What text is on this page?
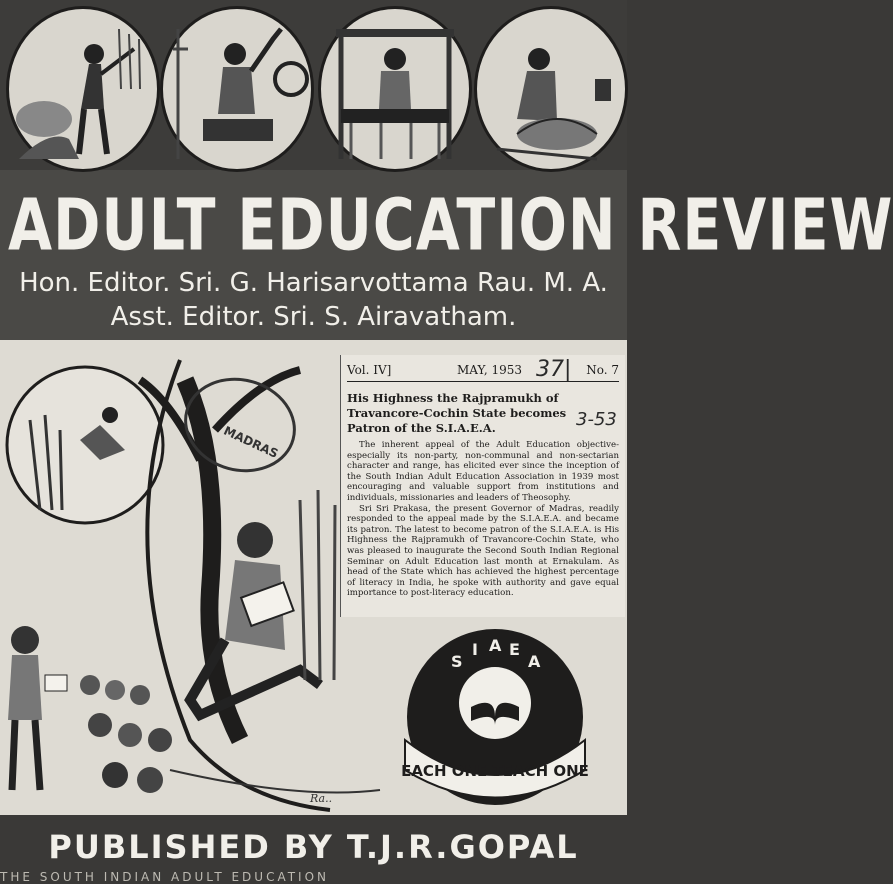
ADULT EDUCATION REVIEW
Hon. Editor. Sri. G. Harisarvottama Rau. M. A.
Asst. Editor. Sri. S. Airavatham.
MADRAS
Ra..
Vol. IV]	MAY, 1953	No. 7
37|
3-53
His Highness the Rajpramukh of Travancore-Cochin State becomes Patron of the S.I.A.E.A.

The inherent appeal of the Adult Education objective-especially its non-party, non-communal and non-sectarian character and range, has elicited ever since the inception of the South Indian Adult Education Association in 1939 most encouraging and valuable support from institutions and individuals, missionaries and leaders of Theosophy.

Sri Sri Prakasa, the present Governor of Madras, readily responded to the appeal made by the S.I.A.E.A. and became its patron. The latest to become patron of the S.I.A.E.A. is His Highness the Rajpramukh of Travancore-Cochin State, who was pleased to inaugurate the Second South Indian Regional Seminar on Adult Education last month at Ernakulam. As head of the State which has achieved the highest percentage of literacy in India, he spoke with authority and gave equal importance to post-literacy education.

S
I A E
A
EACH ONE TEACH ONE
PUBLISHED BY T.J.R.GOPAL
THE SOUTH INDIAN ADULT EDUCATION
